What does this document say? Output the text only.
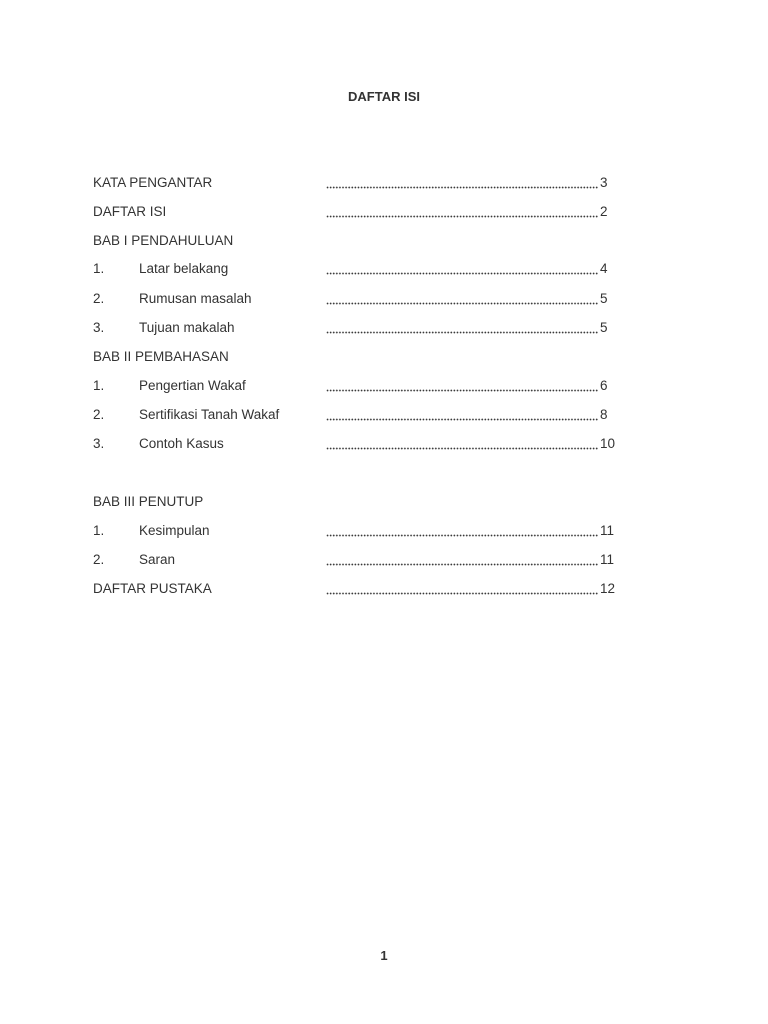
DAFTAR ISI
KATA PENGANTAR	3
DAFTAR ISI	2
BAB I PENDAHULUAN
1.	Latar belakang	4
2.	Rumusan masalah	5
3.	Tujuan makalah	5
BAB II PEMBAHASAN
1.	Pengertian Wakaf	6
2.	Sertifikasi Tanah Wakaf	8
3.	Contoh Kasus	10
BAB III PENUTUP
1.	Kesimpulan	11
2.	Saran	11
DAFTAR PUSTAKA	12
1
